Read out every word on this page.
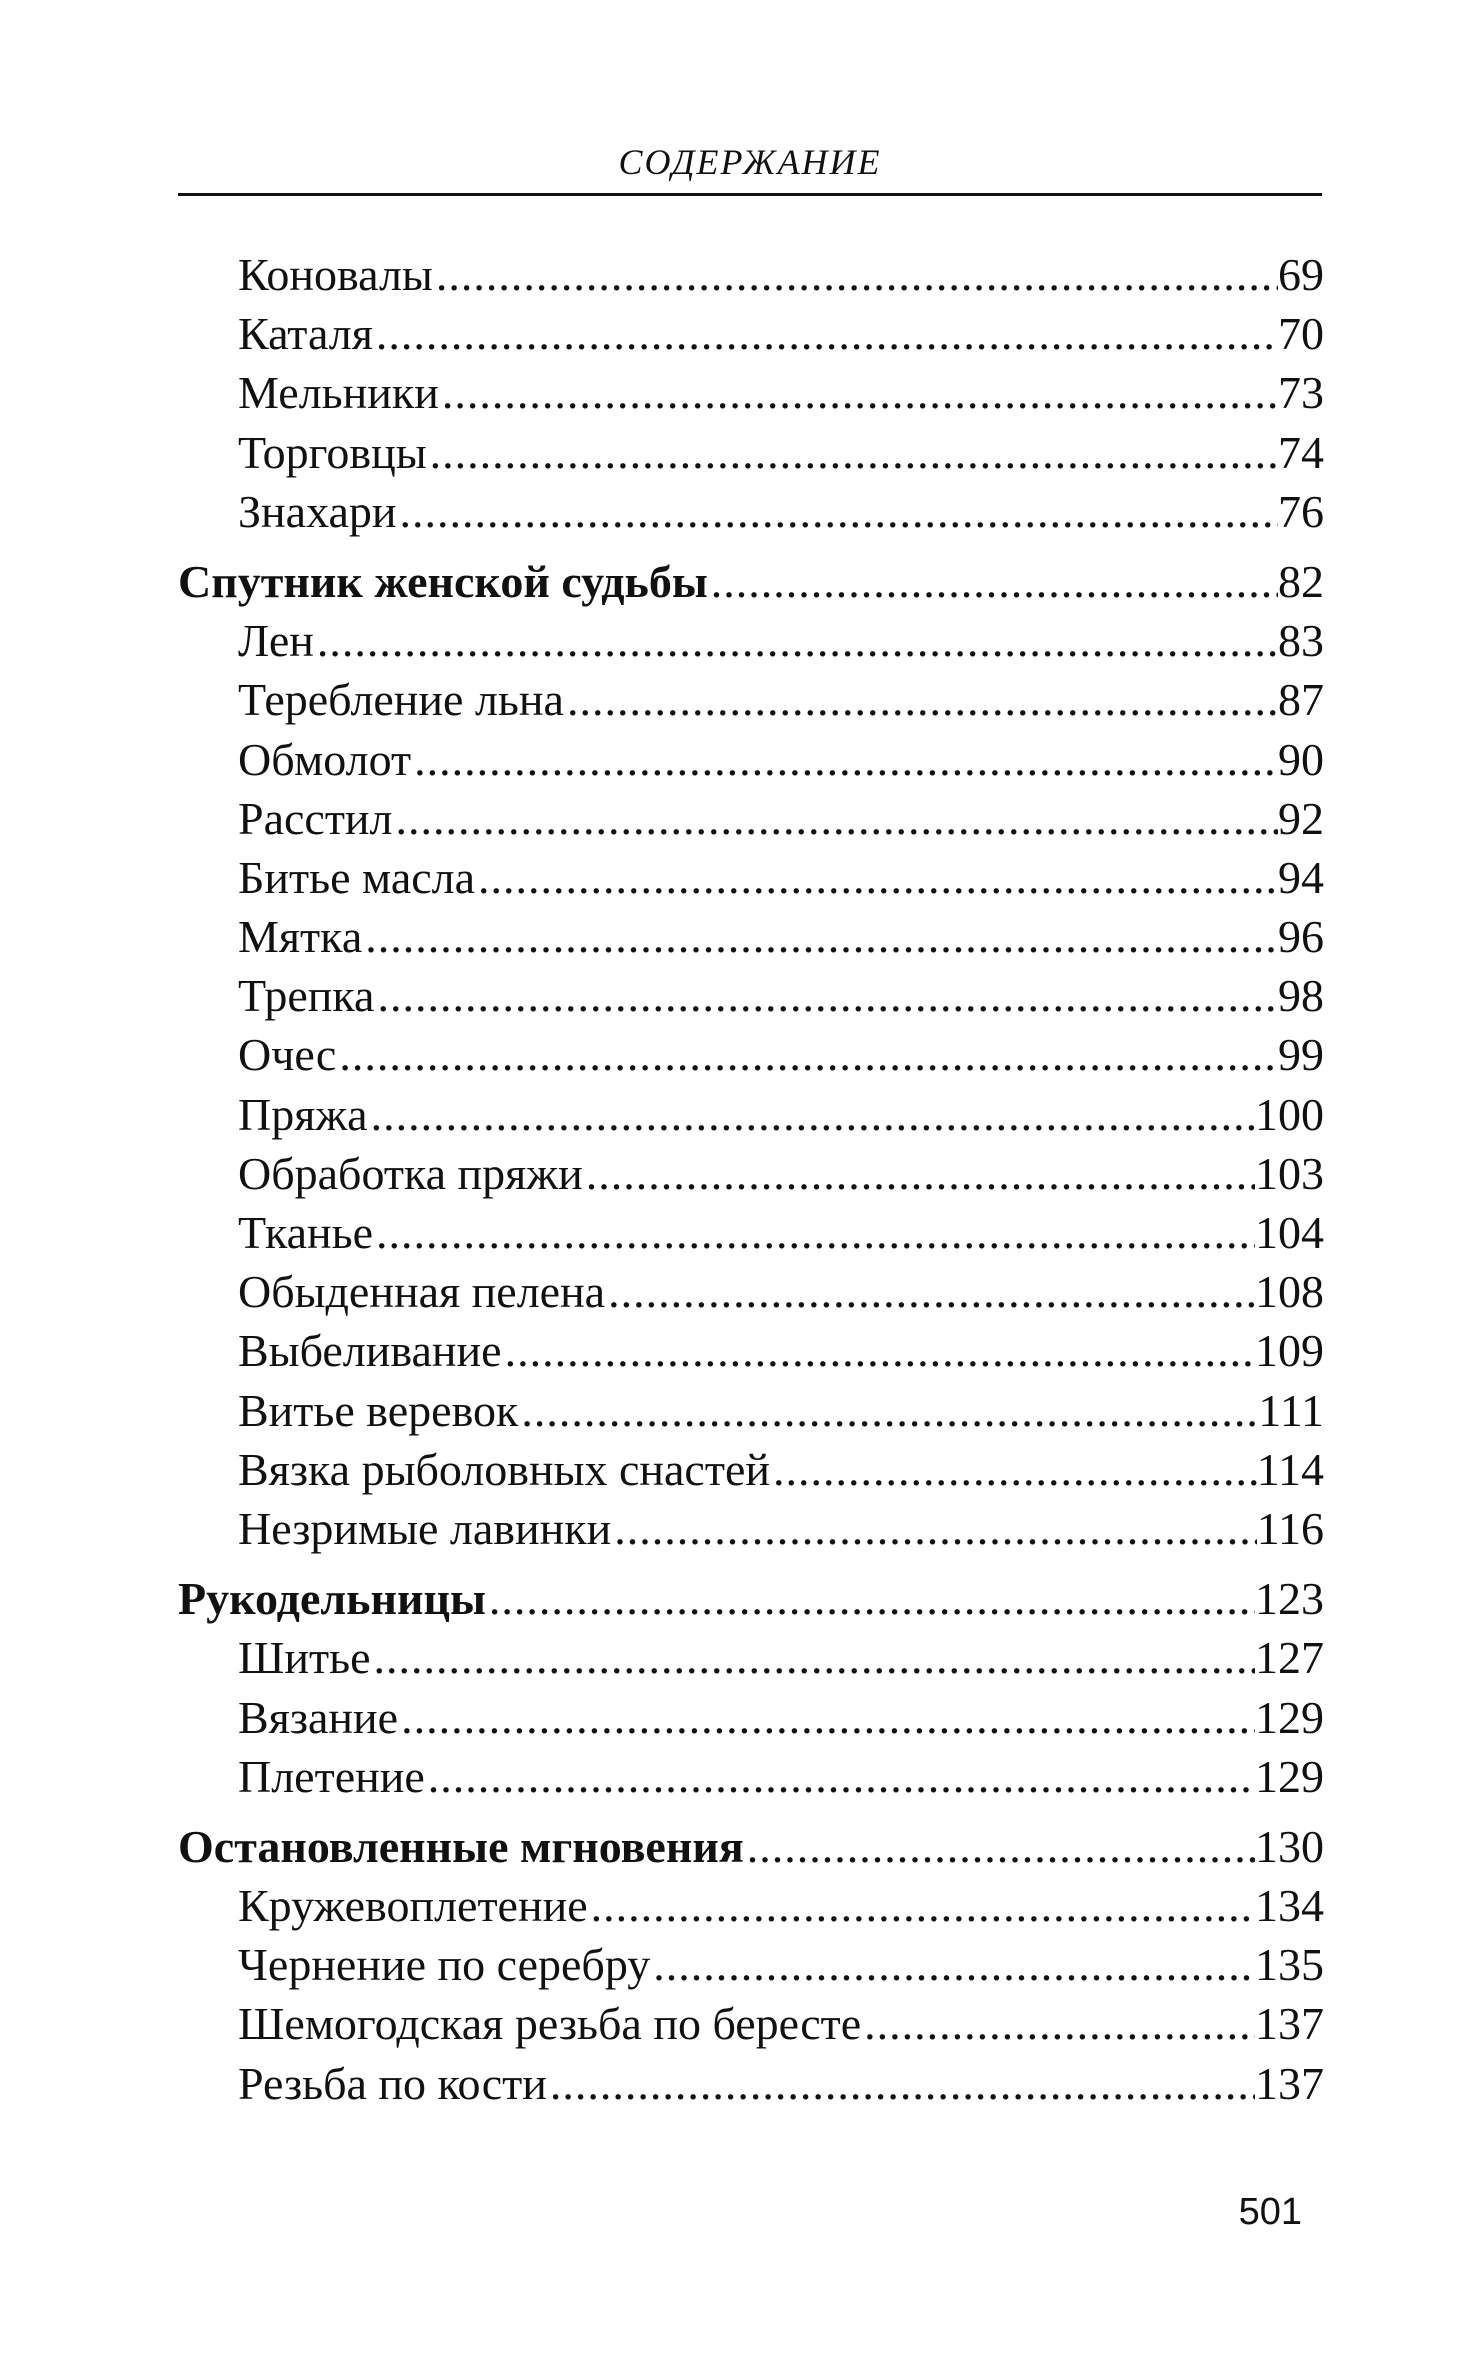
СОДЕРЖАНИЕ
Коновалы .....	69
Каталя .....	70
Мельники .....	73
Торговцы .....	74
Знахари .....	76
Спутник женской судьбы .....	82
Лен .....	83
Теребление льна .....	87
Обмолот .....	90
Расстил .....	92
Битье масла .....	94
Мятка .....	96
Трепка .....	98
Очес .....	99
Пряжа .....	100
Обработка пряжи .....	103
Тканье .....	104
Обыденная пелена .....	108
Выбеливание .....	109
Витье веревок .....	111
Вязка рыболовных снастей .....	114
Незримые лавинки .....	116
Рукодельницы .....	123
Шитье .....	127
Вязание .....	129
Плетение .....	129
Остановленные мгновения .....	130
Кружевоплетение .....	134
Чернение по серебру .....	135
Шемогодская резьба по бересте .....	137
Резьба по кости .....	137
501
